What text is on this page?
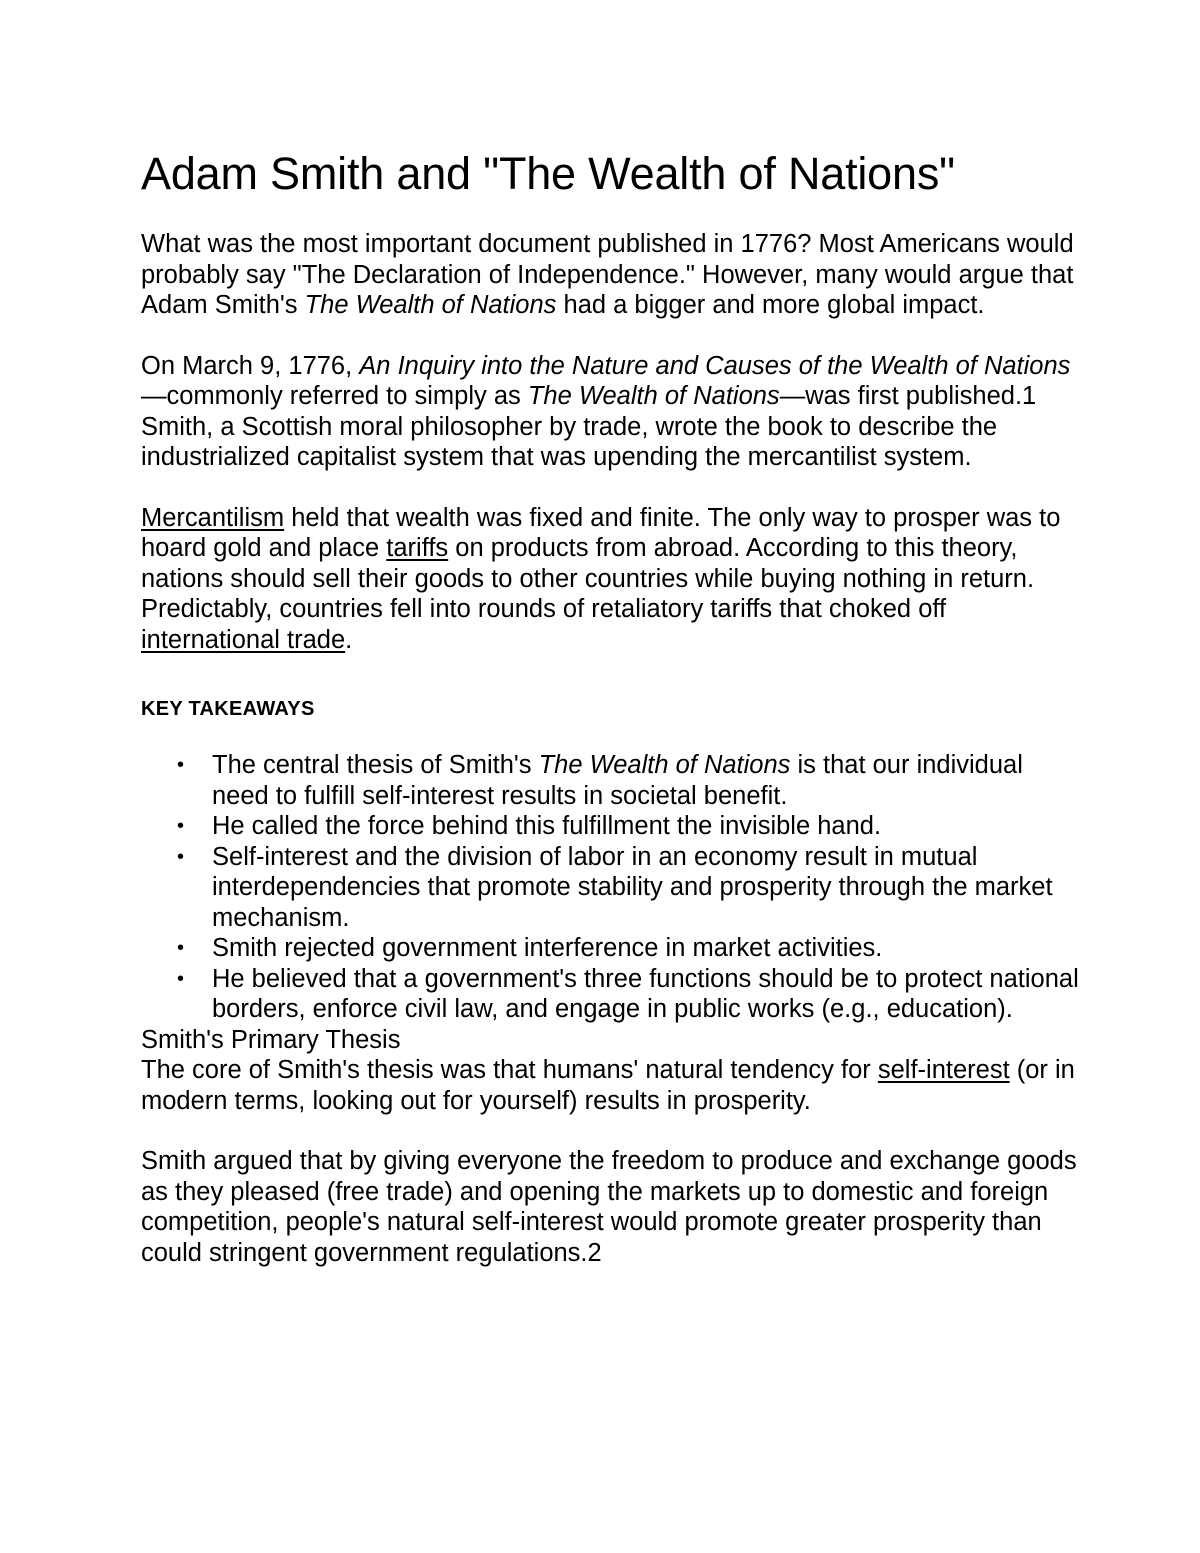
Adam Smith and "The Wealth of Nations"

What was the most important document published in 1776? Most Americans would probably say "The Declaration of Independence." However, many would argue that Adam Smith's The Wealth of Nations had a bigger and more global impact.

On March 9, 1776, An Inquiry into the Nature and Causes of the Wealth of Nations—commonly referred to simply as The Wealth of Nations—was first published.1 Smith, a Scottish moral philosopher by trade, wrote the book to describe the industrialized capitalist system that was upending the mercantilist system.

Mercantilism held that wealth was fixed and finite. The only way to prosper was to hoard gold and place tariffs on products from abroad. According to this theory, nations should sell their goods to other countries while buying nothing in return. Predictably, countries fell into rounds of retaliatory tariffs that choked off international trade.

KEY TAKEAWAYS
• The central thesis of Smith's The Wealth of Nations is that our individual need to fulfill self-interest results in societal benefit.
• He called the force behind this fulfillment the invisible hand.
• Self-interest and the division of labor in an economy result in mutual interdependencies that promote stability and prosperity through the market mechanism.
• Smith rejected government interference in market activities.
• He believed that a government's three functions should be to protect national borders, enforce civil law, and engage in public works (e.g., education).

Smith's Primary Thesis

The core of Smith's thesis was that humans' natural tendency for self-interest (or in modern terms, looking out for yourself) results in prosperity.

Smith argued that by giving everyone the freedom to produce and exchange goods as they pleased (free trade) and opening the markets up to domestic and foreign competition, people's natural self-interest would promote greater prosperity than could stringent government regulations.2
